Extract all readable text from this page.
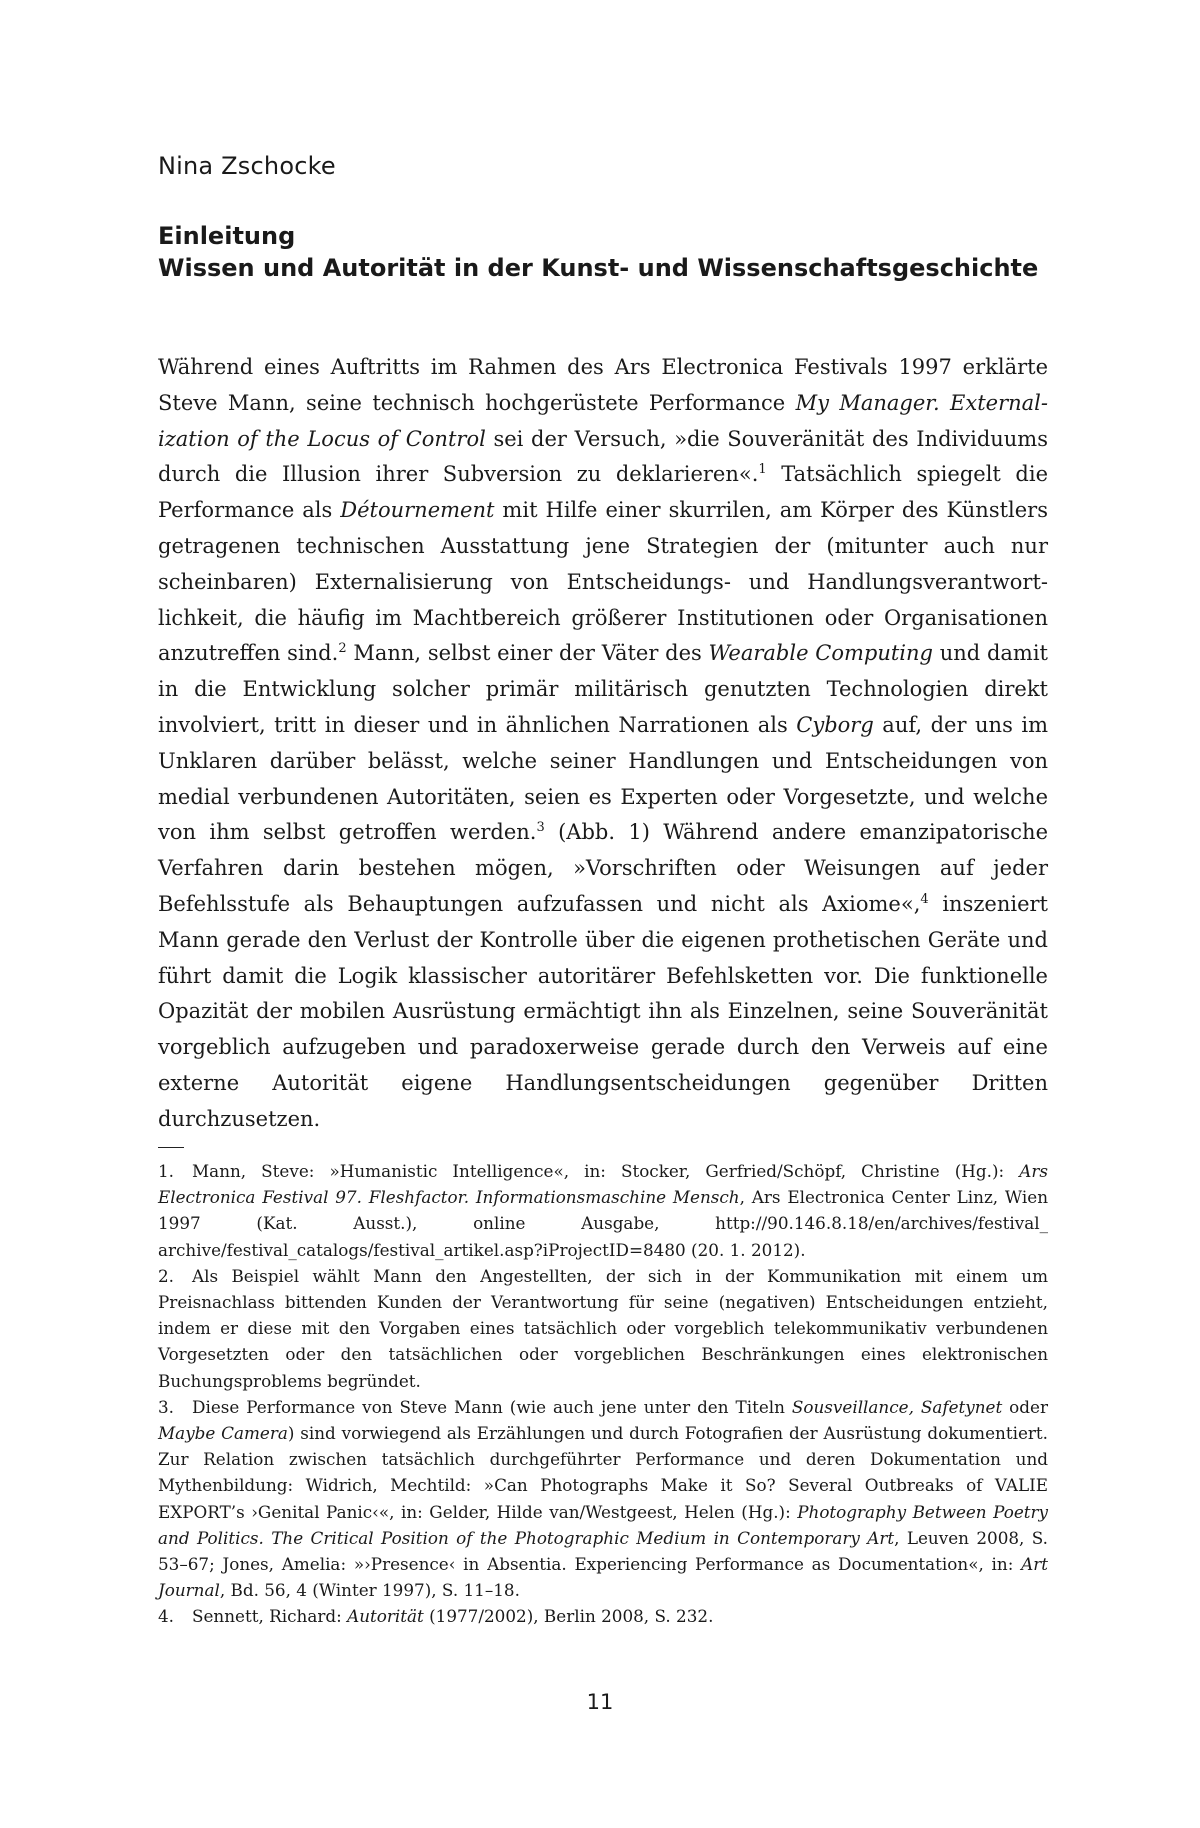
Nina Zschocke
Einleitung
Wissen und Autorität in der Kunst- und Wissenschaftsgeschichte

Während eines Auftritts im Rahmen des Ars Electronica Festivals 1997 erklärte Steve Mann, seine technisch hochgerüstete Performance My Manager. Externalization of the Locus of Control sei der Versuch, »die Souveränität des Individuums durch die Illusion ihrer Subversion zu deklarieren«.$^1$ Tatsächlich spiegelt die Performance als Détournement mit Hilfe einer skurrilen, am Körper des Künstlers getragenen technischen Ausstattung jene Strategien der (mitunter auch nur scheinbaren) Externalisierung von Entscheidungs- und Handlungsverantwortlichkeit, die häufig im Machtbereich größerer Institutionen oder Organisationen anzutreffen sind.$^2$ Mann, selbst einer der Väter des Wearable Computing und damit in die Entwicklung solcher primär militärisch genutzten Technologien direkt involviert, tritt in dieser und in ähnlichen Narrationen als Cyborg auf, der uns im Unklaren darüber belässt, welche seiner Handlungen und Entscheidungen von medial verbundenen Autoritäten, seien es Experten oder Vorgesetzte, und welche von ihm selbst getroffen werden.$^3$ (Abb. 1) Während andere emanzipatorische Verfahren darin bestehen mögen, »Vorschriften oder Weisungen auf jeder Befehlsstufe als Behauptungen aufzufassen und nicht als Axiome«,$^4$ inszeniert Mann gerade den Verlust der Kontrolle über die eigenen prothetischen Geräte und führt damit die Logik klassischer autoritärer Befehlsketten vor. Die funktionelle Opazität der mobilen Ausrüstung ermächtigt ihn als Einzelnen, seine Souveränität vorgeblich aufzugeben und paradoxerweise gerade durch den Verweis auf eine externe Autorität eigene Handlungsentscheidungen gegenüber Dritten durchzusetzen.

1. Mann, Steve: »Humanistic Intelligence«, in: Stocker, Gerfried/Schöpf, Christine (Hg.): Ars Electronica Festival 97. Fleshfactor. Informationsmaschine Mensch, Ars Electronica Center Linz, Wien 1997 (Kat. Ausst.), online Ausgabe, http://90.146.8.18/en/archives/festival_ archive/festival_catalogs/festival_artikel.asp?iProjectID=8480 (20. 1. 2012).
2. Als Beispiel wählt Mann den Angestellten, der sich in der Kommunikation mit einem um Preisnachlass bittenden Kunden der Verantwortung für seine (negativen) Entscheidungen entzieht, indem er diese mit den Vorgaben eines tatsächlich oder vorgeblich telekommunikativ verbundenen Vorgesetzten oder den tatsächlichen oder vorgeblichen Beschränkungen eines elektronischen Buchungsproblems begründet.
3. Diese Performance von Steve Mann (wie auch jene unter den Titeln Sousveillance, Safetynet oder Maybe Camera) sind vorwiegend als Erzählungen und durch Fotografien der Ausrüstung dokumentiert. Zur Relation zwischen tatsächlich durchgeführter Performance und deren Dokumentation und Mythenbildung: Widrich, Mechtild: »Can Photographs Make it So? Several Outbreaks of VALIE EXPORT’s ›Genital Panic‹«, in: Gelder, Hilde van/Westgeest, Helen (Hg.): Photography Between Poetry and Politics. The Critical Position of the Photographic Medium in Contemporary Art, Leuven 2008, S. 53–67; Jones, Amelia: »›Presence‹ in Absentia. Experiencing Performance as Documentation«, in: Art Journal, Bd. 56, 4 (Winter 1997), S. 11–18.
4. Sennett, Richard: Autorität (1977/2002), Berlin 2008, S. 232.
11
